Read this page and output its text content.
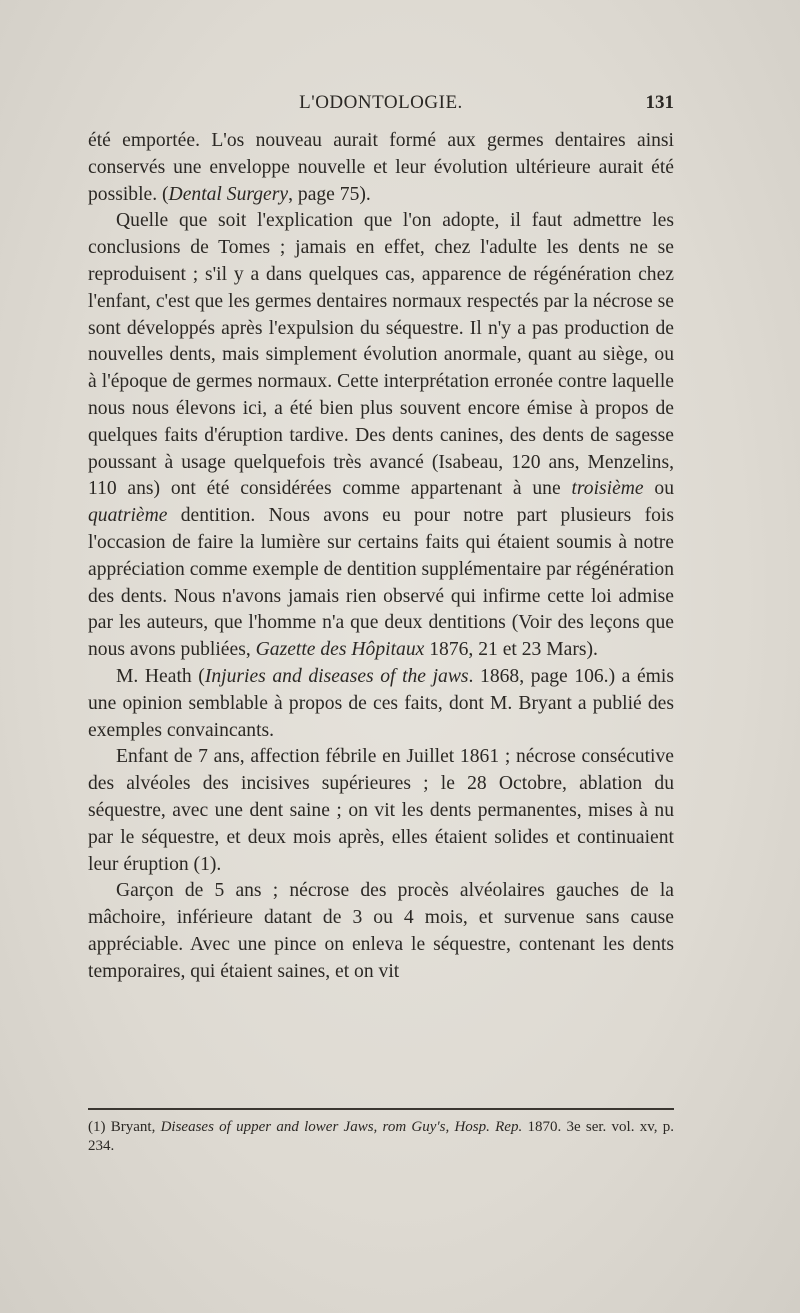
L'ODONTOLOGIE.	131

été emportée. L'os nouveau aurait formé aux germes dentaires ainsi conservés une enveloppe nouvelle et leur évolution ultérieure aurait été possible. (Dental Surgery, page 75).

Quelle que soit l'explication que l'on adopte, il faut admettre les conclusions de Tomes ; jamais en effet, chez l'adulte les dents ne se reproduisent ; s'il y a dans quelques cas, apparence de régénération chez l'enfant, c'est que les germes dentaires normaux respectés par la nécrose se sont développés après l'expulsion du séquestre. Il n'y a pas production de nouvelles dents, mais simplement évolution anormale, quant au siège, ou à l'époque de germes normaux. Cette interprétation erronée contre laquelle nous nous élevons ici, a été bien plus souvent encore émise à propos de quelques faits d'éruption tardive. Des dents canines, des dents de sagesse poussant à usage quelquefois très avancé (Isabeau, 120 ans, Menzelins, 110 ans) ont été considérées comme appartenant à une troisième ou quatrième dentition. Nous avons eu pour notre part plusieurs fois l'occasion de faire la lumière sur certains faits qui étaient soumis à notre appréciation comme exemple de dentition supplémentaire par régénération des dents. Nous n'avons jamais rien observé qui infirme cette loi admise par les auteurs, que l'homme n'a que deux dentitions (Voir des leçons que nous avons publiées, Gazette des Hôpitaux 1876, 21 et 23 Mars).

M. Heath (Injuries and diseases of the jaws. 1868, page 106.) a émis une opinion semblable à propos de ces faits, dont M. Bryant a publié des exemples convaincants.

Enfant de 7 ans, affection fébrile en Juillet 1861 ; nécrose consécutive des alvéoles des incisives supérieures ; le 28 Octobre, ablation du séquestre, avec une dent saine ; on vit les dents permanentes, mises à nu par le séquestre, et deux mois après, elles étaient solides et continuaient leur éruption (1).

Garçon de 5 ans ; nécrose des procès alvéolaires gauches de la mâchoire, inférieure datant de 3 ou 4 mois, et survenue sans cause appréciable. Avec une pince on enleva le séquestre, contenant les dents temporaires, qui étaient saines, et on vit

(1) Bryant, Diseases of upper and lower Jaws, rom Guy's, Hosp. Rep. 1870. 3e ser. vol. xv, p. 234.
